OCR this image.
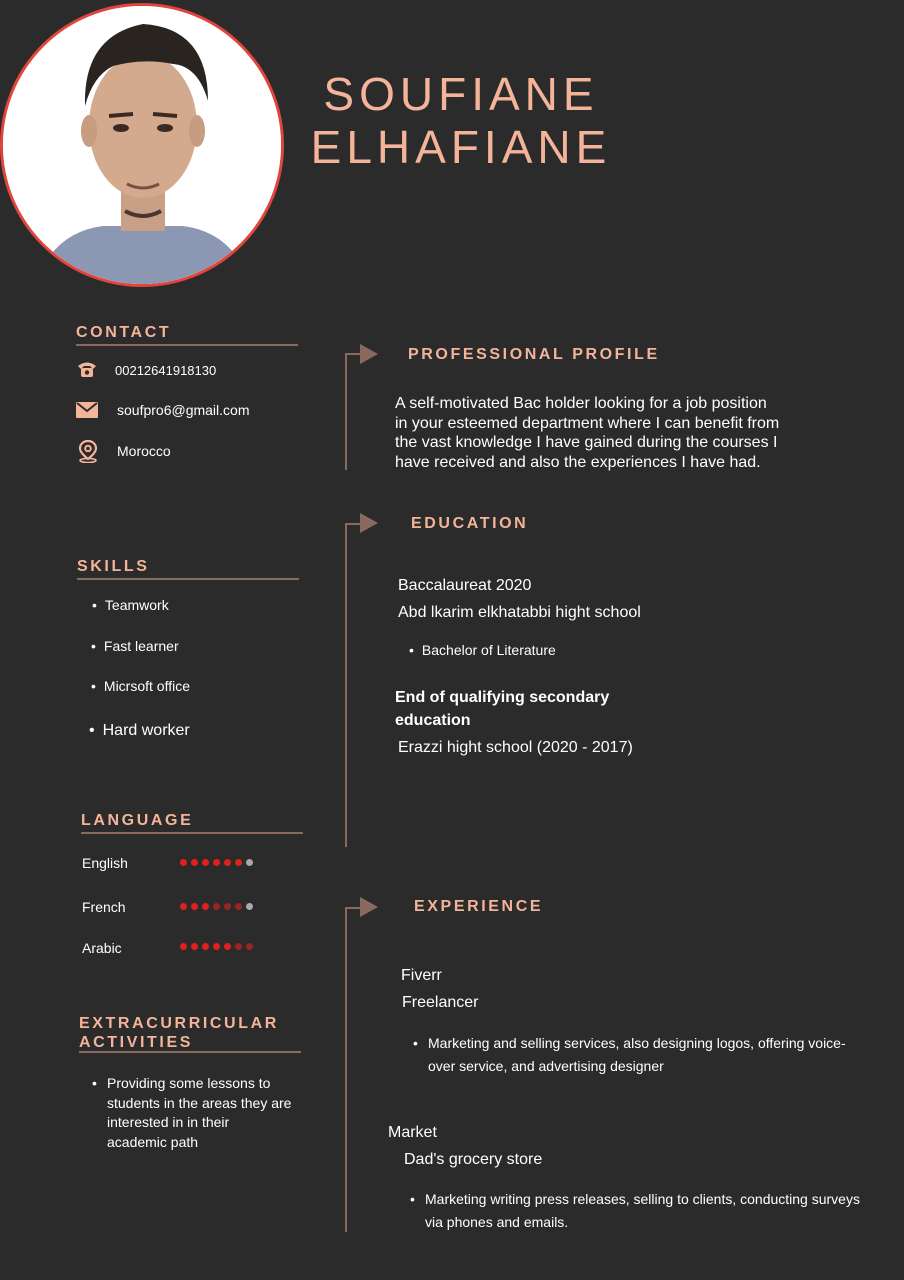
SOUFIANE
ELHAFIANE
CONTACT
00212641918130
soufpro6@gmail.com
Morocco
SKILLS
• Teamwork
• Fast learner
• Micrsoft office
• Hard worker
LANGUAGE
English
French
Arabic
EXTRACURRICULAR
ACTIVITIES
• Providing some lessons to students in the areas they are interested in in their academic path
PROFESSIONAL PROFILE
A self-motivated Bac holder looking for a job position in your esteemed department where I can benefit from the vast knowledge I have gained during the courses I have received and also the experiences I have had.
EDUCATION
Baccalaureat 2020
Abd lkarim elkhatabbi hight school
• Bachelor of Literature
End of qualifying secondary education
Erazzi hight school (2020 - 2017)
EXPERIENCE
Fiverr
Freelancer
• Marketing and selling services, also designing logos, offering voice-over service, and advertising designer
Market
Dad's grocery store
• Marketing writing press releases, selling to clients, conducting surveys via phones and emails.
